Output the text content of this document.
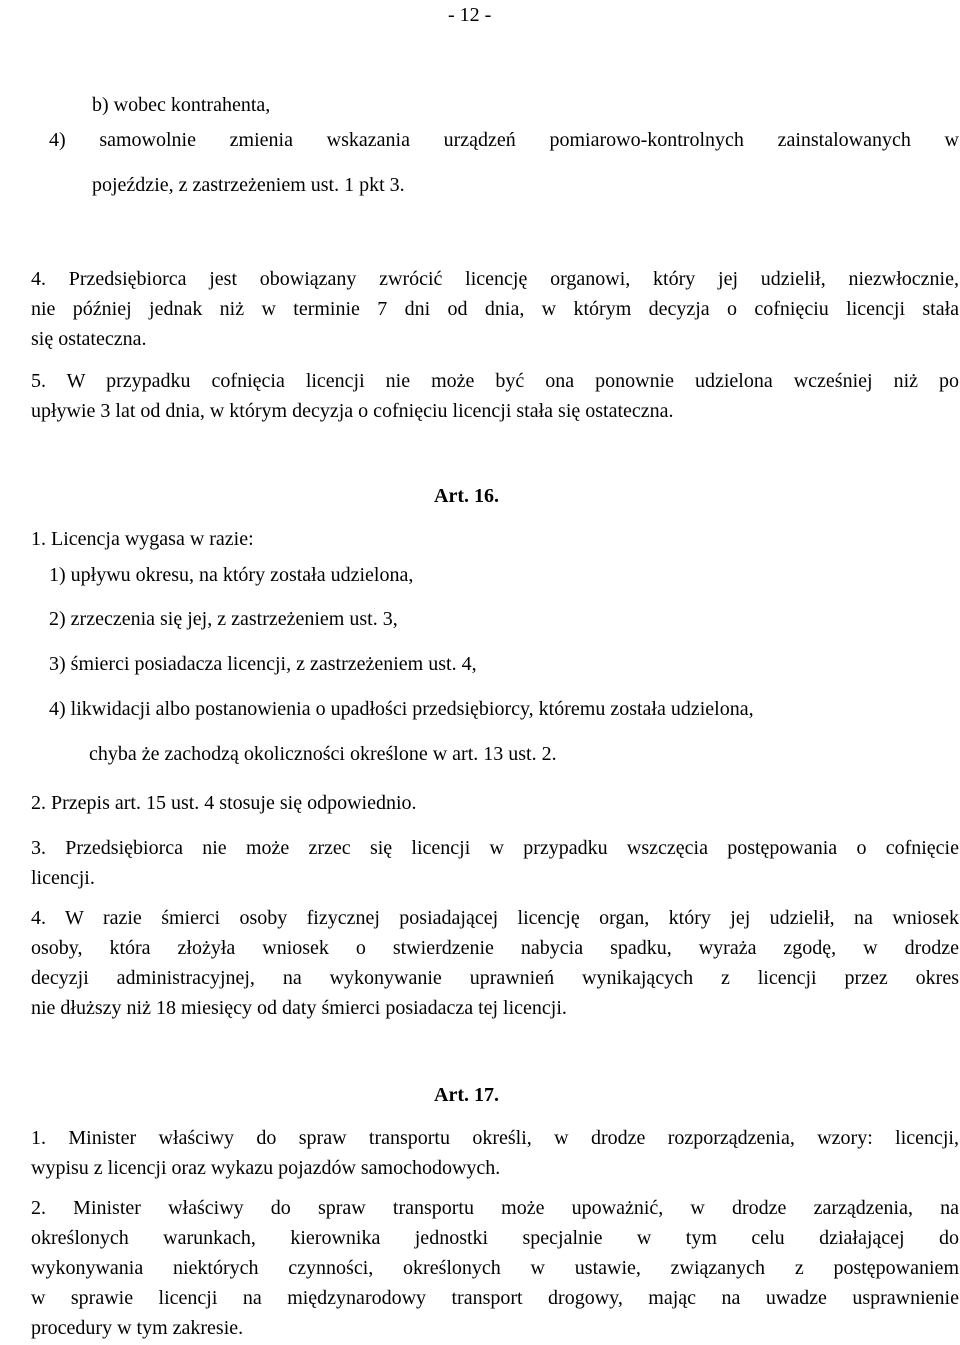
- 12 -
b) wobec kontrahenta,
4) samowolnie zmienia wskazania urządzeń pomiarowo-kontrolnych zainstalowanych w
pojeździe, z zastrzeżeniem ust. 1 pkt 3.
4. Przedsiębiorca jest obowiązany zwrócić licencję organowi, który jej udzielił, niezwłocznie,
nie później jednak niż w terminie 7 dni od dnia, w którym decyzja o cofnięciu licencji stała
się ostateczna.
5. W przypadku cofnięcia licencji nie może być ona ponownie udzielona wcześniej niż po
upływie 3 lat od dnia, w którym decyzja o cofnięciu licencji stała się ostateczna.
Art. 16.
1. Licencja wygasa w razie:
1) upływu okresu, na który została udzielona,
2) zrzeczenia się jej, z zastrzeżeniem ust. 3,
3) śmierci posiadacza licencji, z zastrzeżeniem ust. 4,
4) likwidacji albo postanowienia o upadłości przedsiębiorcy, któremu została udzielona,
chyba że zachodzą okoliczności określone w art. 13 ust. 2.
2. Przepis art. 15 ust. 4 stosuje się odpowiednio.
3. Przedsiębiorca nie może zrzec się licencji w przypadku wszczęcia postępowania o cofnięcie
licencji.
4. W razie śmierci osoby fizycznej posiadającej licencję organ, który jej udzielił, na wniosek
osoby, która złożyła wniosek o stwierdzenie nabycia spadku, wyraża zgodę, w drodze
decyzji administracyjnej, na wykonywanie uprawnień wynikających z licencji przez okres
nie dłuższy niż 18 miesięcy od daty śmierci posiadacza tej licencji.
Art. 17.
1. Minister właściwy do spraw transportu określi, w drodze rozporządzenia, wzory: licencji,
wypisu z licencji oraz wykazu pojazdów samochodowych.
2. Minister właściwy do spraw transportu może upoważnić, w drodze zarządzenia, na
określonych warunkach, kierownika jednostki specjalnie w tym celu działającej do
wykonywania niektórych czynności, określonych w ustawie, związanych z postępowaniem
w sprawie licencji na międzynarodowy transport drogowy, mając na uwadze usprawnienie
procedury w tym zakresie.
